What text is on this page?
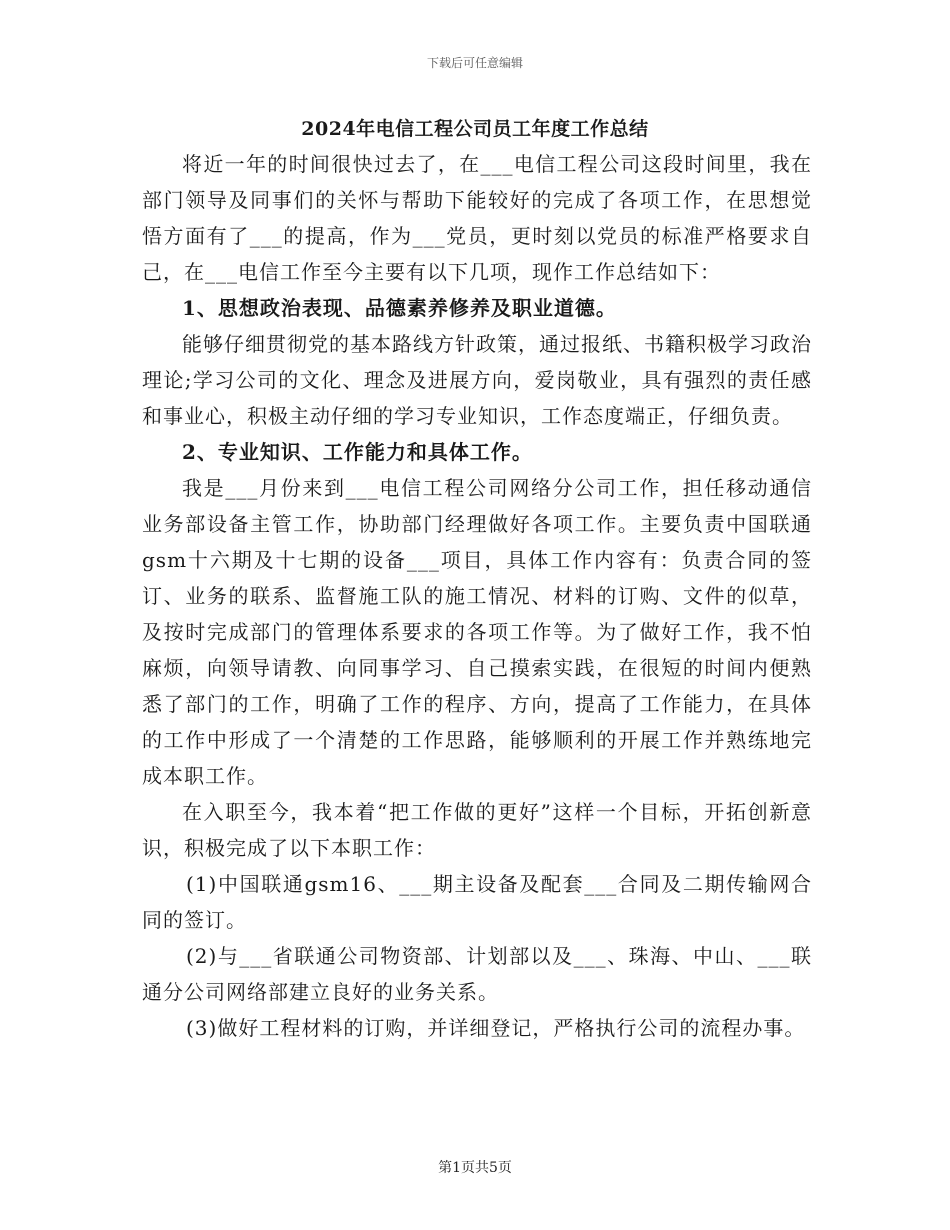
下载后可任意编辑
2024年电信工程公司员工年度工作总结

将近一年的时间很快过去了，在___电信工程公司这段时间里，我在部门领导及同事们的关怀与帮助下能较好的完成了各项工作，在思想觉悟方面有了___的提高，作为___党员，更时刻以党员的标准严格要求自己，在___电信工作至今主要有以下几项，现作工作总结如下：

1、思想政治表现、品德素养修养及职业道德。

能够仔细贯彻党的基本路线方针政策，通过报纸、书籍积极学习政治理论;学习公司的文化、理念及进展方向，爱岗敬业，具有强烈的责任感和事业心，积极主动仔细的学习专业知识，工作态度端正，仔细负责。

2、专业知识、工作能力和具体工作。

我是___月份来到___电信工程公司网络分公司工作，担任移动通信业务部设备主管工作，协助部门经理做好各项工作。主要负责中国联通gsm十六期及十七期的设备___项目，具体工作内容有：负责合同的签订、业务的联系、监督施工队的施工情况、材料的订购、文件的似草，及按时完成部门的管理体系要求的各项工作等。为了做好工作，我不怕麻烦，向领导请教、向同事学习、自己摸索实践，在很短的时间内便熟悉了部门的工作，明确了工作的程序、方向，提高了工作能力，在具体的工作中形成了一个清楚的工作思路，能够顺利的开展工作并熟练地完成本职工作。

在入职至今，我本着“把工作做的更好”这样一个目标，开拓创新意识，积极完成了以下本职工作：

(1)中国联通gsm16、___期主设备及配套___合同及二期传输网合同的签订。

(2)与___省联通公司物资部、计划部以及___、珠海、中山、___联通分公司网络部建立良好的业务关系。

(3)做好工程材料的订购，并详细登记，严格执行公司的流程办事。

第1页共5页
